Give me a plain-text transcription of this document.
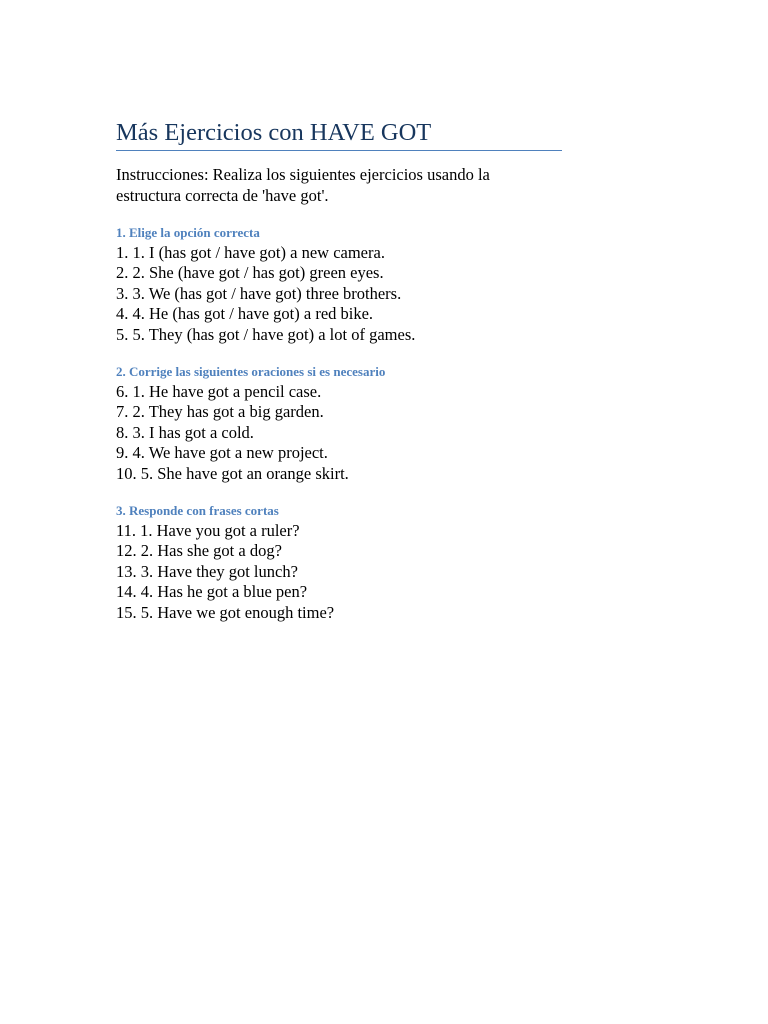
Más Ejercicios con HAVE GOT
Instrucciones: Realiza los siguientes ejercicios usando la estructura correcta de 'have got'.
1. Elige la opción correcta
1. 1. I (has got / have got) a new camera.
2. 2. She (have got / has got) green eyes.
3. 3. We (has got / have got) three brothers.
4. 4. He (has got / have got) a red bike.
5. 5. They (has got / have got) a lot of games.
2. Corrige las siguientes oraciones si es necesario
6. 1. He have got a pencil case.
7. 2. They has got a big garden.
8. 3. I has got a cold.
9. 4. We have got a new project.
10. 5. She have got an orange skirt.
3. Responde con frases cortas
11. 1. Have you got a ruler?
12. 2. Has she got a dog?
13. 3. Have they got lunch?
14. 4. Has he got a blue pen?
15. 5. Have we got enough time?
